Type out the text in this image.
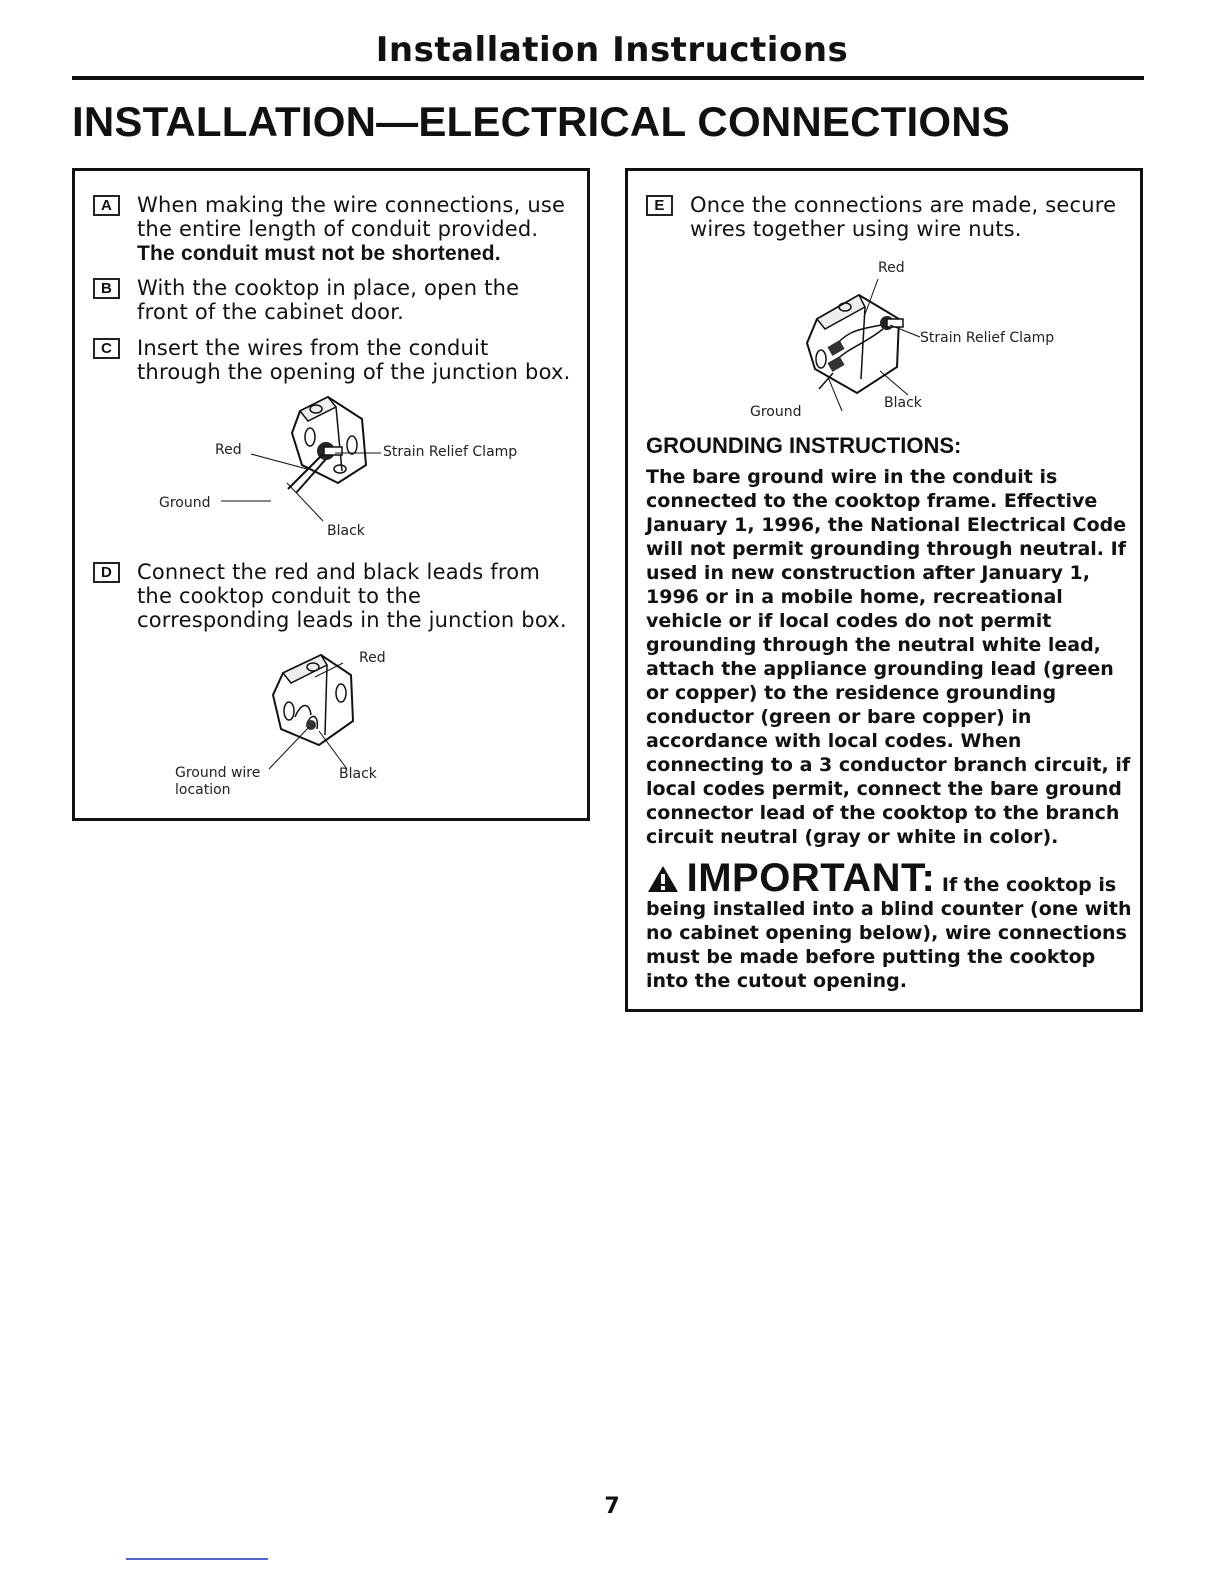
Installation Instructions
INSTALLATION—ELECTRICAL CONNECTIONS
A	When making the wire connections, use the entire length of conduit provided.
The conduit must not be shortened.
B	With the cooktop in place, open the front of the cabinet door.
C	Insert the wires from the conduit through the opening of the junction box.
Red	Strain Relief Clamp
Ground
Black
D	Connect the red and black leads from the cooktop conduit to the corresponding leads in the junction box.
Red
Ground wire
location
Black
E	Once the connections are made, secure wires together using wire nuts.
Red
Strain Relief Clamp
Ground
Black
GROUNDING INSTRUCTIONS:
The bare ground wire in the conduit is connected to the cooktop frame. Effective January 1, 1996, the National Electrical Code will not permit grounding through neutral. If used in new construction after January 1, 1996 or in a mobile home, recreational vehicle or if local codes do not permit grounding through the neutral white lead, attach the appliance grounding lead (green or copper) to the residence grounding conductor (green or bare copper) in accordance with local codes. When connecting to a 3 conductor branch circuit, if local codes permit, connect the bare ground connector lead of the cooktop to the branch circuit neutral (gray or white in color).
IMPORTANT: If the cooktop is being installed into a blind counter (one with no cabinet opening below), wire connections must be made before putting the cooktop into the cutout opening.
7
